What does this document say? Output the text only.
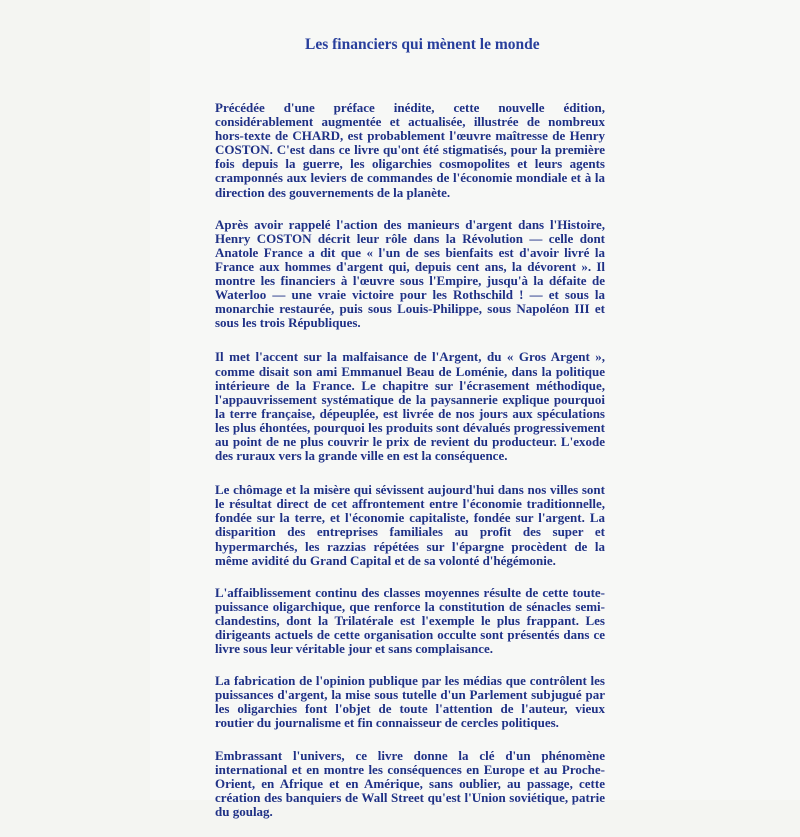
Les financiers qui mènent le monde

Précédée d'une préface inédite, cette nouvelle édition, considérablement augmentée et actualisée, illustrée de nombreux hors-texte de CHARD, est probablement l'œuvre maîtresse de Henry COSTON. C'est dans ce livre qu'ont été stigmatisés, pour la première fois depuis la guerre, les oligarchies cosmopolites et leurs agents cramponnés aux leviers de commandes de l'économie mondiale et à la direction des gouvernements de la planète.

Après avoir rappelé l'action des manieurs d'argent dans l'Histoire, Henry COSTON décrit leur rôle dans la Révolution — celle dont Anatole France a dit que « l'un de ses bienfaits est d'avoir livré la France aux hommes d'argent qui, depuis cent ans, la dévorent ». Il montre les financiers à l'œuvre sous l'Empire, jusqu'à la défaite de Waterloo — une vraie victoire pour les Rothschild ! — et sous la monarchie restaurée, puis sous Louis-Philippe, sous Napoléon III et sous les trois Républiques.

Il met l'accent sur la malfaisance de l'Argent, du « Gros Argent », comme disait son ami Emmanuel Beau de Loménie, dans la politique intérieure de la France. Le chapitre sur l'écrasement méthodique, l'appauvrissement systématique de la paysannerie explique pourquoi la terre française, dépeuplée, est livrée de nos jours aux spéculations les plus éhontées, pourquoi les produits sont dévalués progressivement au point de ne plus couvrir le prix de revient du producteur. L'exode des ruraux vers la grande ville en est la conséquence.

Le chômage et la misère qui sévissent aujourd'hui dans nos villes sont le résultat direct de cet affrontement entre l'économie traditionnelle, fondée sur la terre, et l'économie capitaliste, fondée sur l'argent. La disparition des entreprises familiales au profit des super et hypermarchés, les razzias répétées sur l'épargne procèdent de la même avidité du Grand Capital et de sa volonté d'hégémonie.

L'affaiblissement continu des classes moyennes résulte de cette toute-puissance oligarchique, que renforce la constitution de sénacles semi-clandestins, dont la Trilatérale est l'exemple le plus frappant. Les dirigeants actuels de cette organisation occulte sont présentés dans ce livre sous leur véritable jour et sans complaisance.

La fabrication de l'opinion publique par les médias que contrôlent les puissances d'argent, la mise sous tutelle d'un Parlement subjugué par les oligarchies font l'objet de toute l'attention de l'auteur, vieux routier du journalisme et fin connaisseur de cercles politiques.

Embrassant l'univers, ce livre donne la clé d'un phénomène international et en montre les conséquences en Europe et au Proche-Orient, en Afrique et en Amérique, sans oublier, au passage, cette création des banquiers de Wall Street qu'est l'Union soviétique, patrie du goulag.
